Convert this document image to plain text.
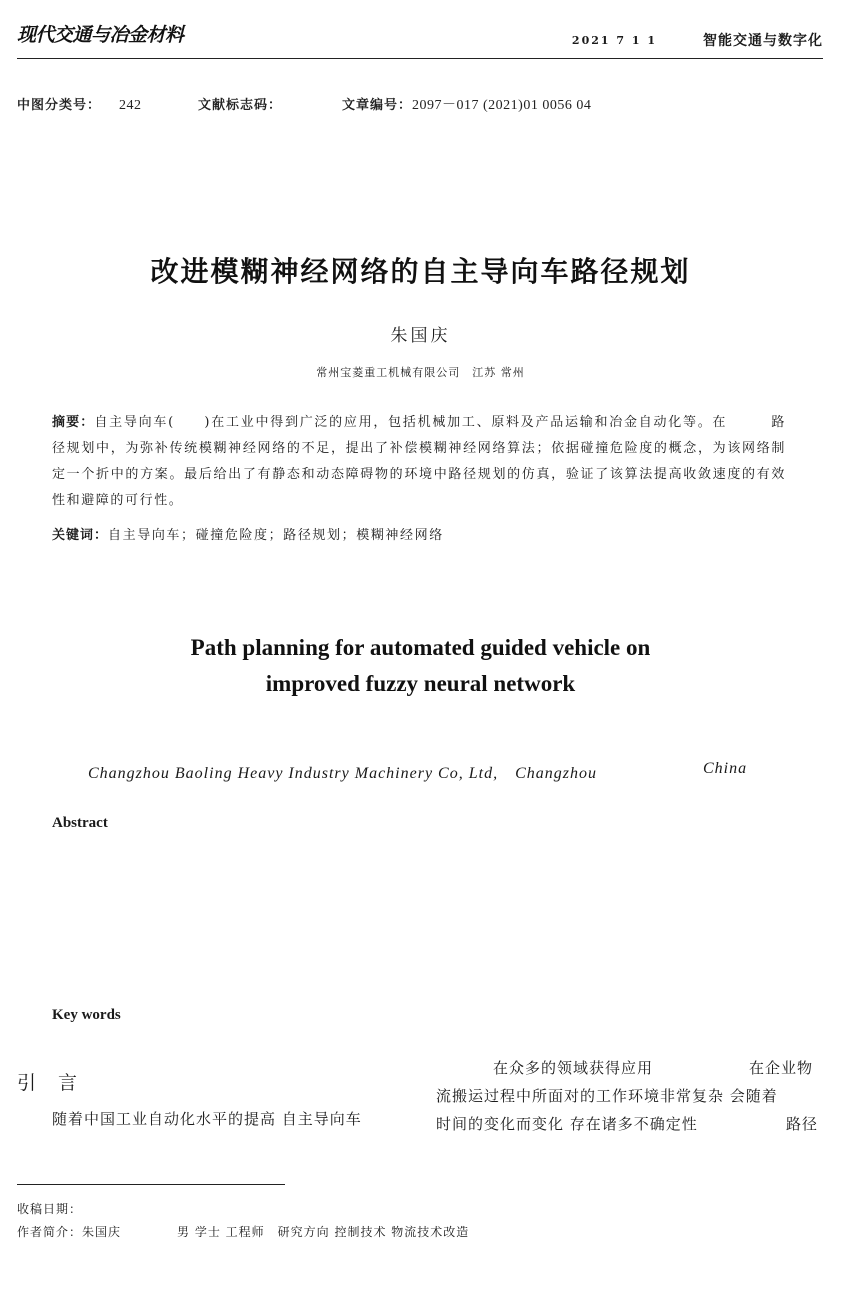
现代交通与冶金材料	2021 7 1 1	智能交通与数字化
中图分类号： 242	文献标志码：	文章编号：2097－017 (2021)01 0056 04
改进模糊神经网络的自主导向车路径规划
朱国庆
常州宝菱重工机械有限公司　江苏 常州
摘要：自主导向车(　　)在工业中得到广泛的应用，包括机械加工、原料及产品运输和冶金自动化等。在　　　路径规划中，为弥补传统模糊神经网络的不足，提出了补偿模糊神经网络算法；依据碰撞危险度的概念，为该网络制定一个折中的方案。最后给出了有静态和动态障碍物的环境中路径规划的仿真，验证了该算法提高收敛速度的有效性和避障的可行性。
关键词：自主导向车；碰撞危险度；路径规划；模糊神经网络
Path planning for automated guided vehicle on
improved fuzzy neural network
Changzhou Baoling Heavy Industry Machinery Co, Ltd,　Changzhou	China
Abstract
Key words
引言
随着中国工业自动化水平的提高 自主导向车
在众多的领域获得应用	在企业物
流搬运过程中所面对的工作环境非常复杂 会随着
时间的变化而变化 存在诸多不确定性	路径
收稿日期：
作者简介：朱国庆	男 学士 工程师　研究方向 控制技术 物流技术改造
